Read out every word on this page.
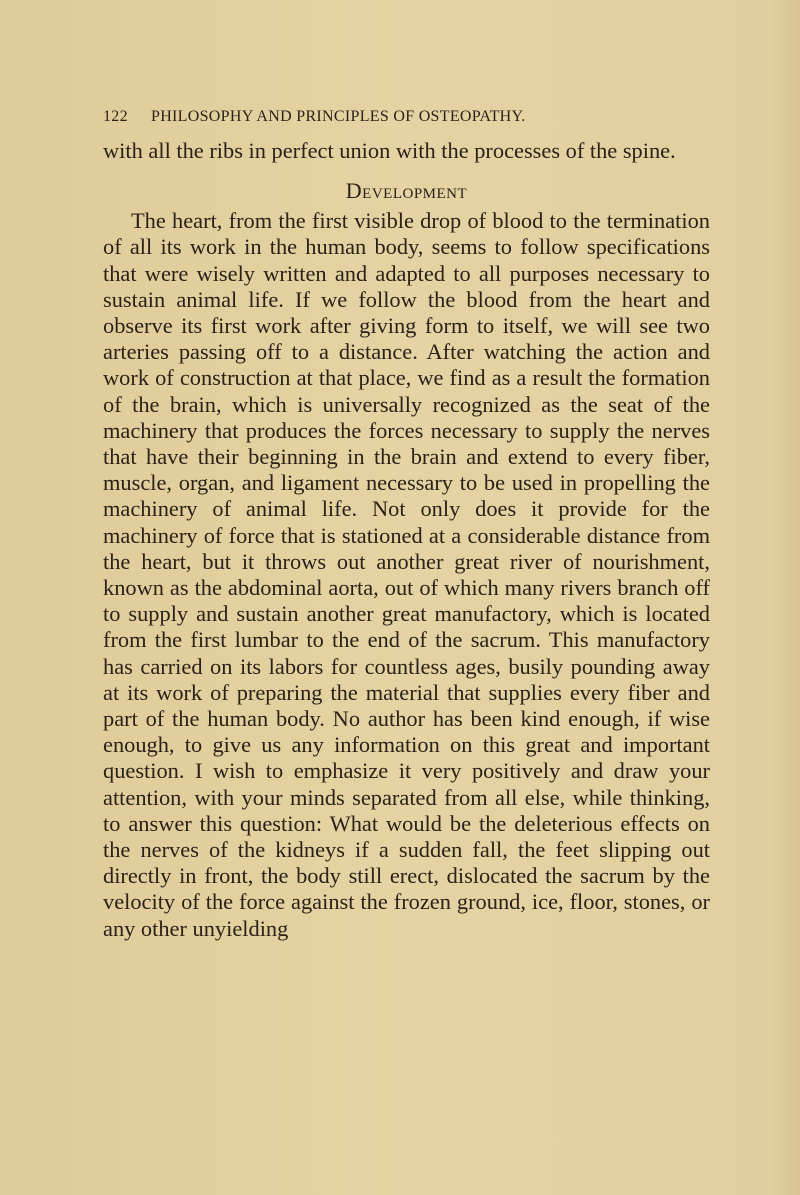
122	PHILOSOPHY AND PRINCIPLES OF OSTEOPATHY.

with all the ribs in perfect union with the processes of the spine.

Development

The heart, from the first visible drop of blood to the termination of all its work in the human body, seems to follow specifications that were wisely written and adapted to all purposes necessary to sustain animal life. If we follow the blood from the heart and observe its first work after giving form to itself, we will see two arteries passing off to a distance. After watching the action and work of construction at that place, we find as a result the formation of the brain, which is universally recognized as the seat of the machinery that produces the forces necessary to supply the nerves that have their beginning in the brain and extend to every fiber, muscle, organ, and ligament necessary to be used in propelling the machinery of animal life. Not only does it provide for the machinery of force that is stationed at a considerable distance from the heart, but it throws out another great river of nourishment, known as the abdominal aorta, out of which many rivers branch off to supply and sustain another great manufactory, which is located from the first lumbar to the end of the sacrum. This manufactory has carried on its labors for countless ages, busily pounding away at its work of preparing the material that supplies every fiber and part of the human body. No author has been kind enough, if wise enough, to give us any information on this great and important question. I wish to emphasize it very positively and draw your attention, with your minds separated from all else, while thinking, to answer this question: What would be the deleterious effects on the nerves of the kidneys if a sudden fall, the feet slipping out directly in front, the body still erect, dislocated the sacrum by the velocity of the force against the frozen ground, ice, floor, stones, or any other unyielding
